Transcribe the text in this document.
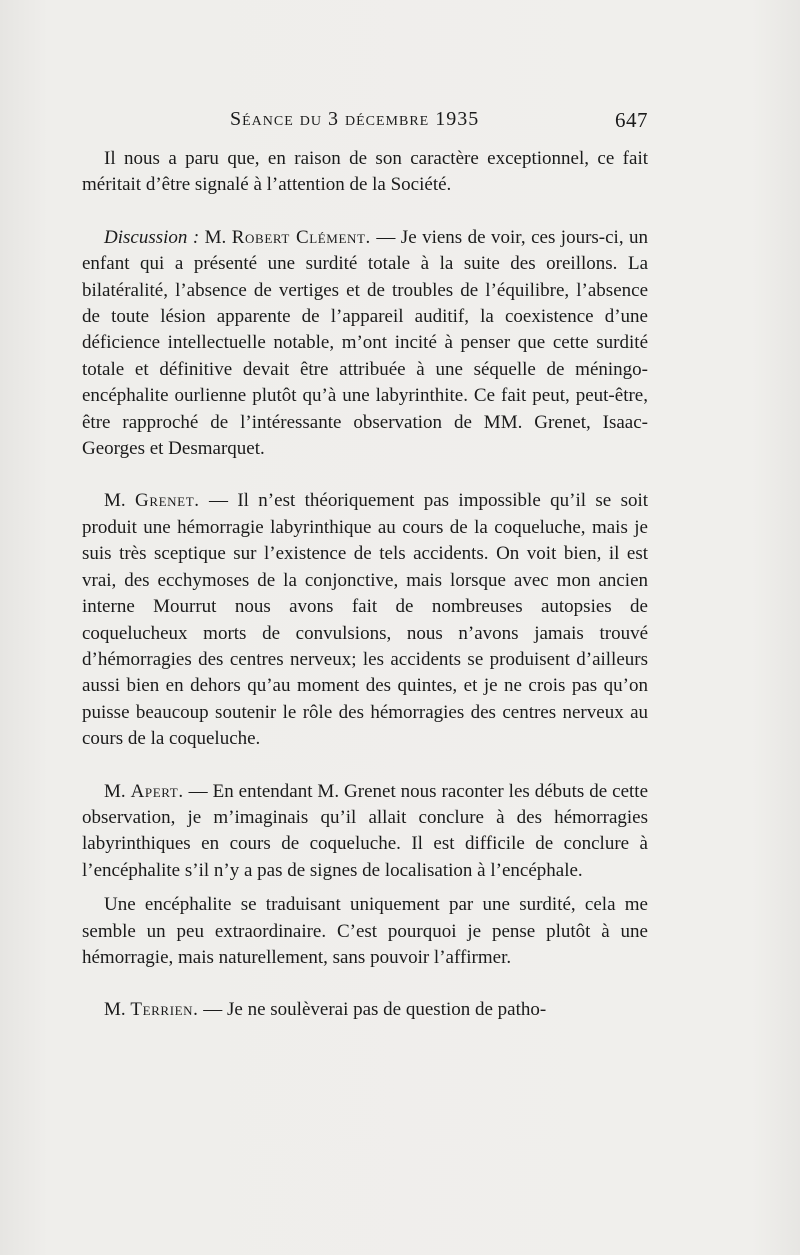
Séance du 3 décembre 1935	647

Il nous a paru que, en raison de son caractère exceptionnel, ce fait méritait d’être signalé à l’attention de la Société.

Discussion : M. Robert Clément. — Je viens de voir, ces jours-ci, un enfant qui a présenté une surdité totale à la suite des oreillons. La bilatéralité, l’absence de vertiges et de troubles de l’équilibre, l’absence de toute lésion apparente de l’appareil auditif, la coexistence d’une déficience intellectuelle notable, m’ont incité à penser que cette surdité totale et définitive devait être attribuée à une séquelle de méningo-encéphalite ourlienne plutôt qu’à une labyrinthite. Ce fait peut, peut-être, être rapproché de l’intéressante observation de MM. Grenet, Isaac-Georges et Desmarquet.

M. Grenet. — Il n’est théoriquement pas impossible qu’il se soit produit une hémorragie labyrinthique au cours de la coqueluche, mais je suis très sceptique sur l’existence de tels accidents. On voit bien, il est vrai, des ecchymoses de la conjonctive, mais lorsque avec mon ancien interne Mourrut nous avons fait de nombreuses autopsies de coquelucheux morts de convulsions, nous n’avons jamais trouvé d’hémorragies des centres nerveux; les accidents se produisent d’ailleurs aussi bien en dehors qu’au moment des quintes, et je ne crois pas qu’on puisse beaucoup soutenir le rôle des hémorragies des centres nerveux au cours de la coqueluche.

M. Apert. — En entendant M. Grenet nous raconter les débuts de cette observation, je m’imaginais qu’il allait conclure à des hémorragies labyrinthiques en cours de coqueluche. Il est difficile de conclure à l’encéphalite s’il n’y a pas de signes de localisation à l’encéphale.

Une encéphalite se traduisant uniquement par une surdité, cela me semble un peu extraordinaire. C’est pourquoi je pense plutôt à une hémorragie, mais naturellement, sans pouvoir l’affirmer.

M. Terrien. — Je ne soulèverai pas de question de patho-
